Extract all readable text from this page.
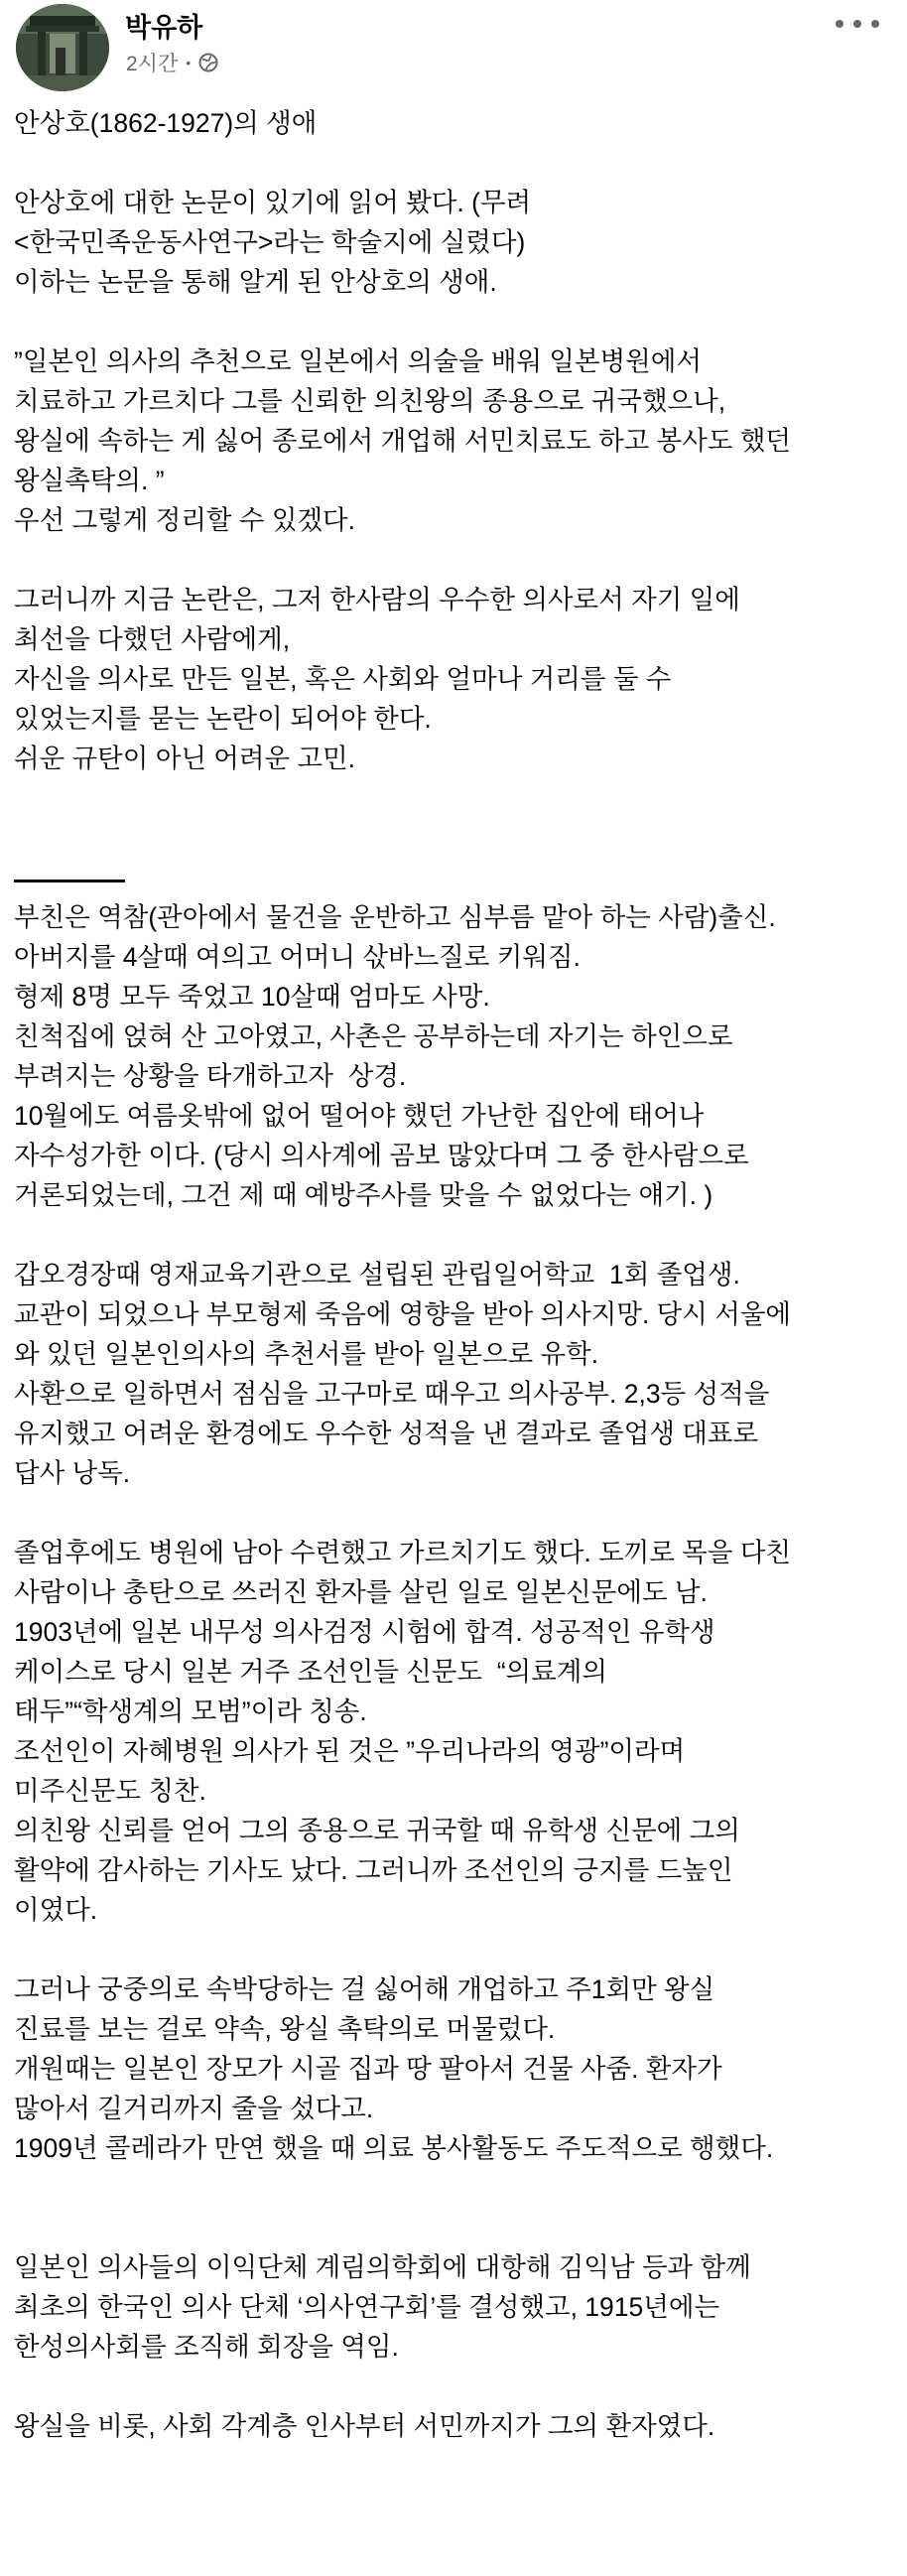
박유하
2시간 •
안상호(1862-1927)의 생애
안상호에 대한 논문이 있기에 읽어 봤다. (무려
<한국민족운동사연구>라는 학술지에 실렸다)
이하는 논문을 통해 알게 된 안상호의 생애.
”일본인 의사의 추천으로 일본에서 의술을 배워 일본병원에서
치료하고 가르치다 그를 신뢰한 의친왕의 종용으로 귀국했으나,
왕실에 속하는 게 싫어 종로에서 개업해 서민치료도 하고 봉사도 했던
왕실촉탁의. ”
우선 그렇게 정리할 수 있겠다.
그러니까 지금 논란은, 그저 한사람의 우수한 의사로서 자기 일에
최선을 다했던 사람에게,
자신을 의사로 만든 일본, 혹은 사회와 얼마나 거리를 둘 수
있었는지를 묻는 논란이 되어야 한다.
쉬운 규탄이 아닌 어려운 고민.
부친은 역참(관아에서 물건을 운반하고 심부름 맡아 하는 사람)출신.
아버지를 4살때 여의고 어머니 삯바느질로 키워짐.
형제 8명 모두 죽었고 10살때 엄마도 사망.
친척집에 얹혀 산 고아였고, 사촌은 공부하는데 자기는 하인으로
부려지는 상황을 타개하고자  상경.
10월에도 여름옷밖에 없어 떨어야 했던 가난한 집안에 태어나
자수성가한 이다. (당시 의사계에 곰보 많았다며 그 중 한사람으로
거론되었는데, 그건 제 때 예방주사를 맞을 수 없었다는 얘기. )
갑오경장때 영재교육기관으로 설립된 관립일어학교  1회 졸업생.
교관이 되었으나 부모형제 죽음에 영향을 받아 의사지망. 당시 서울에
와 있던 일본인의사의 추천서를 받아 일본으로 유학.
사환으로 일하면서 점심을 고구마로 때우고 의사공부. 2,3등 성적을
유지했고 어려운 환경에도 우수한 성적을 낸 결과로 졸업생 대표로
답사 낭독.
졸업후에도 병원에 남아 수련했고 가르치기도 했다. 도끼로 목을 다친
사람이나 총탄으로 쓰러진 환자를 살린 일로 일본신문에도 남.
1903년에 일본 내무성 의사검정 시험에 합격. 성공적인 유학생
케이스로 당시 일본 거주 조선인들 신문도  “의료계의
태두”“학생계의 모범”이라 칭송.
조선인이 자혜병원 의사가 된 것은 ”우리나라의 영광”이라며
미주신문도 칭찬.
의친왕 신뢰를 얻어 그의 종용으로 귀국할 때 유학생 신문에 그의
활약에 감사하는 기사도 났다. 그러니까 조선인의 긍지를 드높인
이였다.
그러나 궁중의로 속박당하는 걸 싫어해 개업하고 주1회만 왕실
진료를 보는 걸로 약속, 왕실 촉탁의로 머물렀다.
개원때는 일본인 장모가 시골 집과 땅 팔아서 건물 사줌. 환자가
많아서 길거리까지 줄을 섰다고.
1909년 콜레라가 만연 했을 때 의료 봉사활동도 주도적으로 행했다.
일본인 의사들의 이익단체 계림의학회에 대항해 김익남 등과 함께
최초의 한국인 의사 단체 ‘의사연구회’를 결성했고, 1915년에는
한성의사회를 조직해 회장을 역임.
왕실을 비롯, 사회 각계층 인사부터 서민까지가 그의 환자였다.
